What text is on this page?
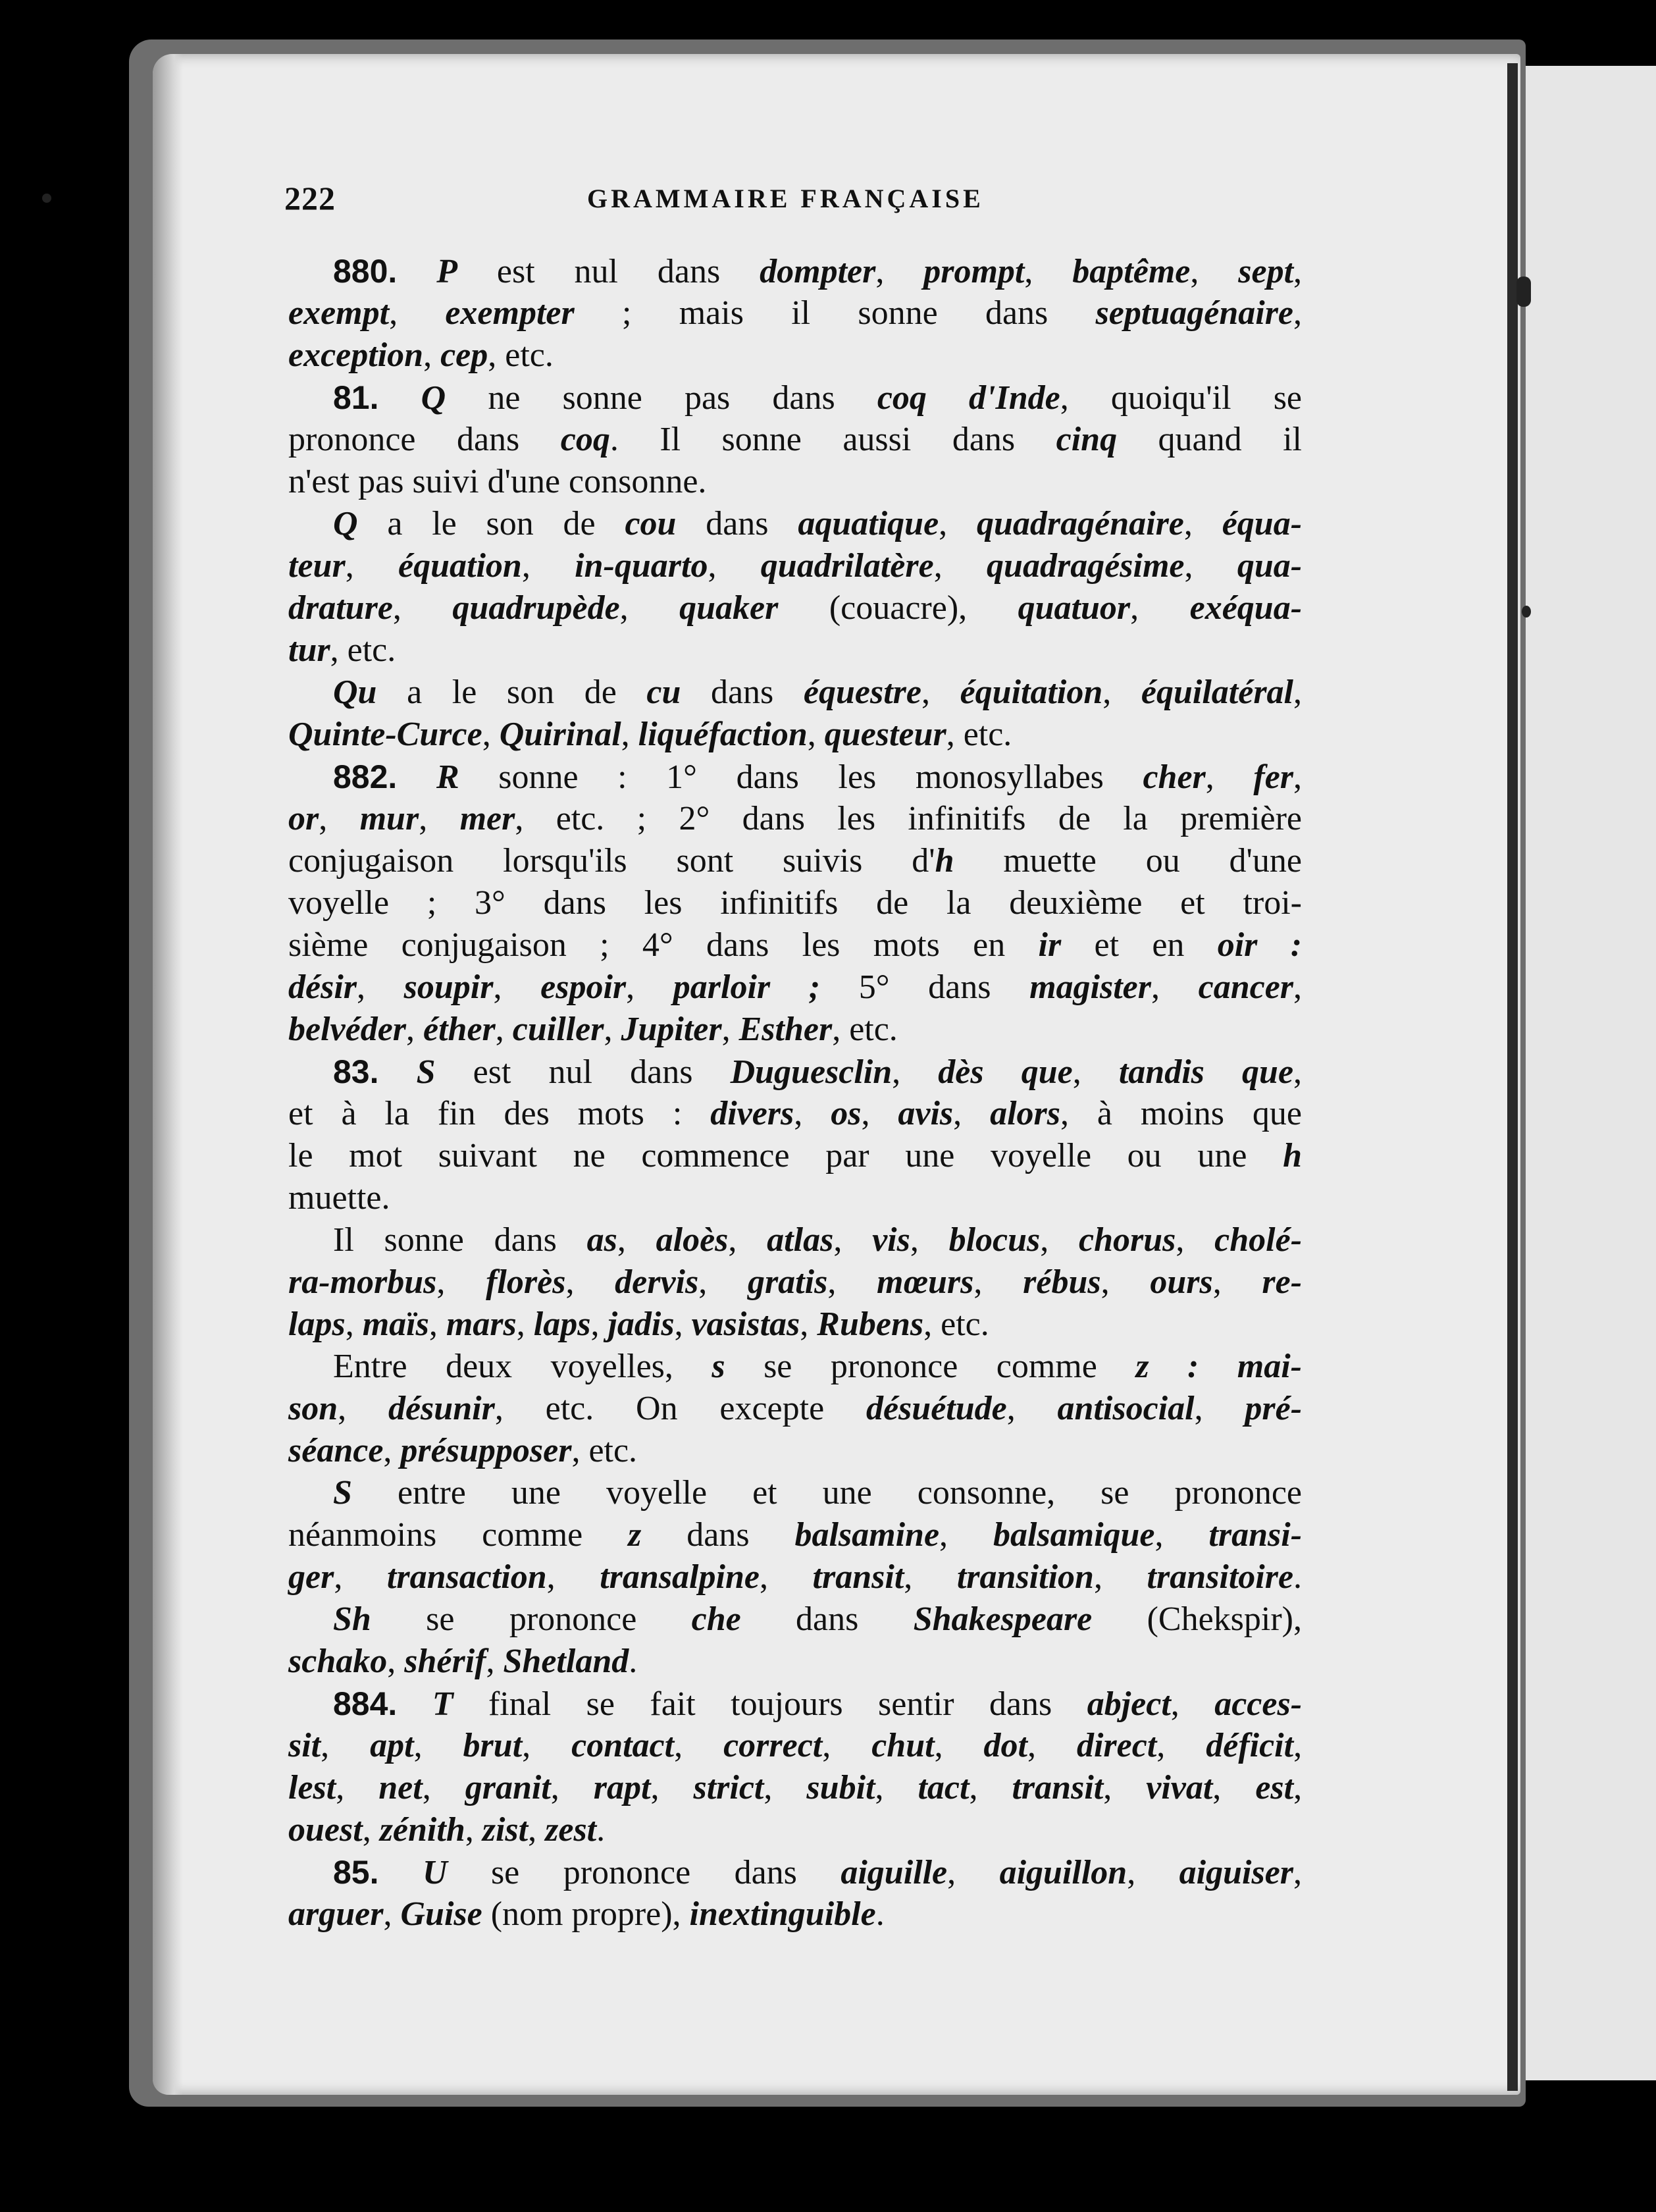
222	GRAMMAIRE FRANÇAISE
880. P est nul dans dompter, prompt, baptême, sept,
exempt, exempter ; mais il sonne dans septuagénaire,
exception, cep, etc.
81. Q ne sonne pas dans coq d'Inde, quoiqu'il se
prononce dans coq. Il sonne aussi dans cinq quand il
n'est pas suivi d'une consonne.
Q a le son de cou dans aquatique, quadragénaire, équa-
teur, équation, in-quarto, quadrilatère, quadragésime, qua-
drature, quadrupède, quaker (couacre), quatuor, exéqua-
tur, etc.
Qu a le son de cu dans équestre, équitation, équilatéral,
Quinte-Curce, Quirinal, liquéfaction, questeur, etc.
882. R sonne : 1° dans les monosyllabes cher, fer,
or, mur, mer, etc. ; 2° dans les infinitifs de la première
conjugaison lorsqu'ils sont suivis d'h muette ou d'une
voyelle ; 3° dans les infinitifs de la deuxième et troi-
sième conjugaison ; 4° dans les mots en ir et en oir :
désir, soupir, espoir, parloir ; 5° dans magister, cancer,
belvéder, éther, cuiller, Jupiter, Esther, etc.
83. S est nul dans Duguesclin, dès que, tandis que,
et à la fin des mots : divers, os, avis, alors, à moins que
le mot suivant ne commence par une voyelle ou une h
muette.
Il sonne dans as, aloès, atlas, vis, blocus, chorus, cholé-
ra-morbus, florès, dervis, gratis, mœurs, rébus, ours, re-
laps, maïs, mars, laps, jadis, vasistas, Rubens, etc.
Entre deux voyelles, s se prononce comme z : mai-
son, désunir, etc. On excepte désuétude, antisocial, pré-
séance, présupposer, etc.
S entre une voyelle et une consonne, se prononce
néanmoins comme z dans balsamine, balsamique, transi-
ger, transaction, transalpine, transit, transition, transitoire.
Sh se prononce che dans Shakespeare (Chekspir),
schako, shérif, Shetland.
884. T final se fait toujours sentir dans abject, acces-
sit, apt, brut, contact, correct, chut, dot, direct, déficit,
lest, net, granit, rapt, strict, subit, tact, transit, vivat, est,
ouest, zénith, zist, zest.
85. U se prononce dans aiguille, aiguillon, aiguiser,
arguer, Guise (nom propre), inextinguible.
